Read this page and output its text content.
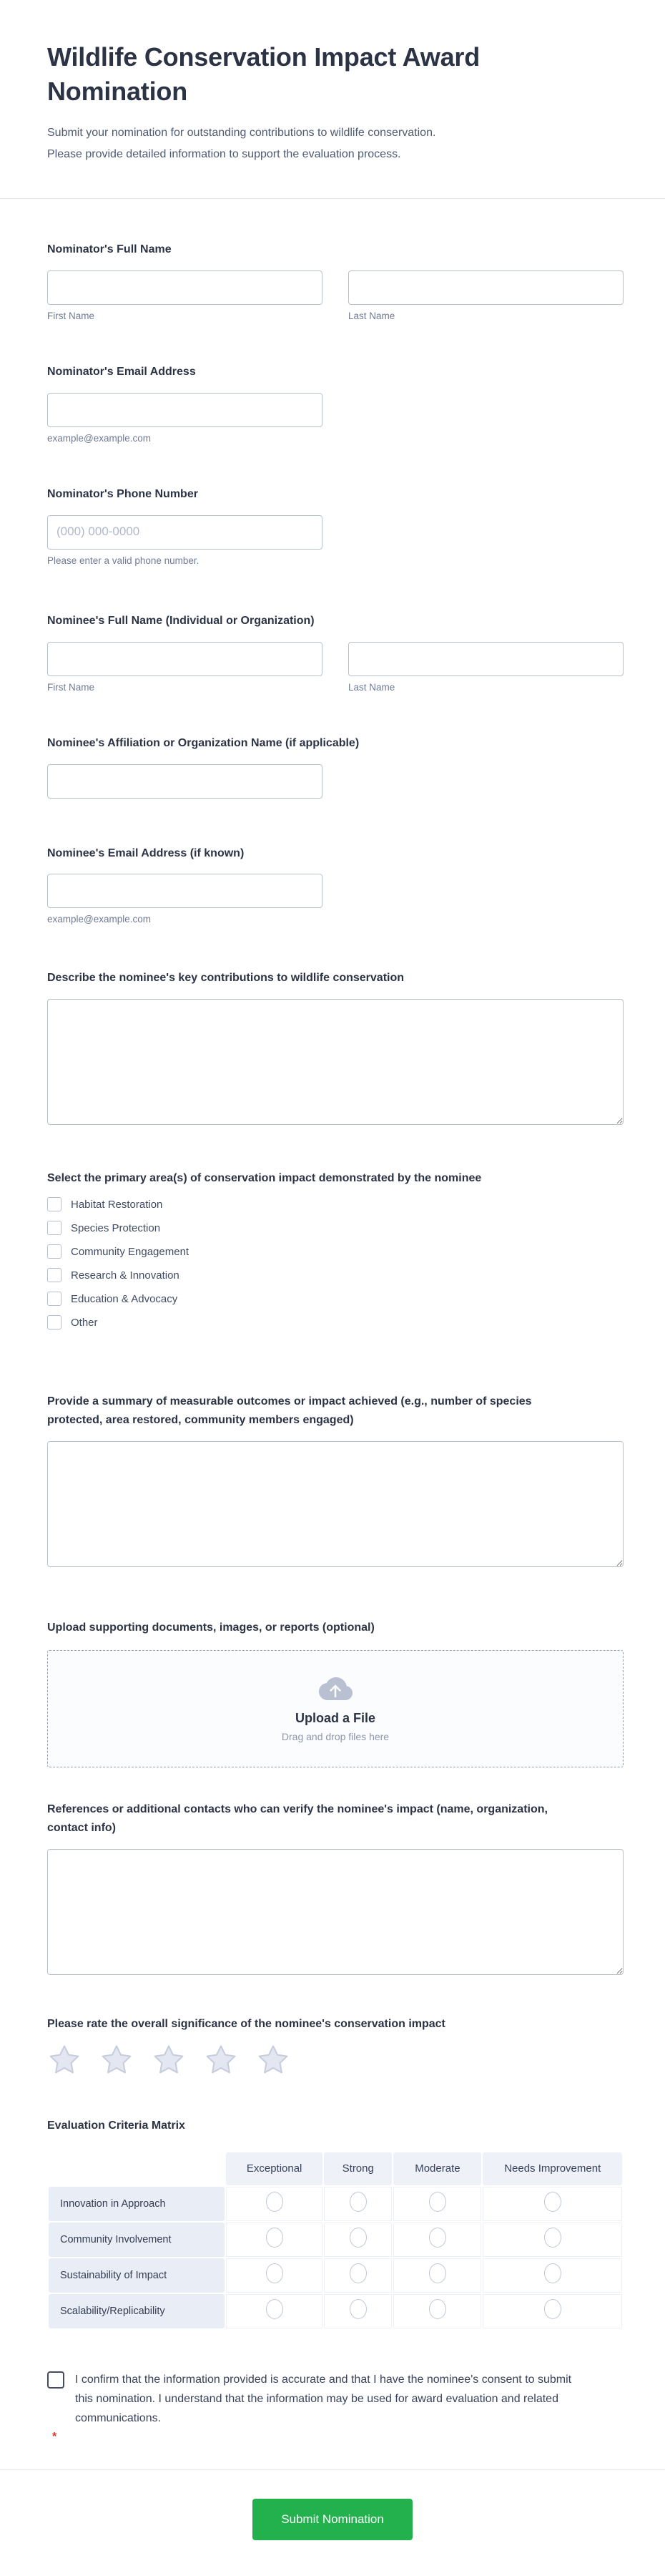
Wildlife Conservation Impact Award Nomination
Submit your nomination for outstanding contributions to wildlife conservation.
Please provide detailed information to support the evaluation process.
Nominator's Full Name
First Name	Last Name
Nominator's Email Address
example@example.com
Nominator's Phone Number
(000) 000-0000
Please enter a valid phone number.
Nominee's Full Name (Individual or Organization)
First Name	Last Name
Nominee's Affiliation or Organization Name (if applicable)
Nominee's Email Address (if known)
example@example.com
Describe the nominee's key contributions to wildlife conservation
Select the primary area(s) of conservation impact demonstrated by the nominee
Habitat Restoration
Species Protection
Community Engagement
Research & Innovation
Education & Advocacy
Other
Provide a summary of measurable outcomes or impact achieved (e.g., number of species protected, area restored, community members engaged)
Upload supporting documents, images, or reports (optional)
Upload a File
Drag and drop files here
References or additional contacts who can verify the nominee's impact (name, organization, contact info)
Please rate the overall significance of the nominee's conservation impact
Evaluation Criteria Matrix
	Exceptional	Strong	Moderate	Needs Improvement
Innovation in Approach				
Community Involvement				
Sustainability of Impact				
Scalability/Replicability				
I confirm that the information provided is accurate and that I have the nominee's consent to submit this nomination. I understand that the information may be used for award evaluation and related communications.
*
Submit Nomination
